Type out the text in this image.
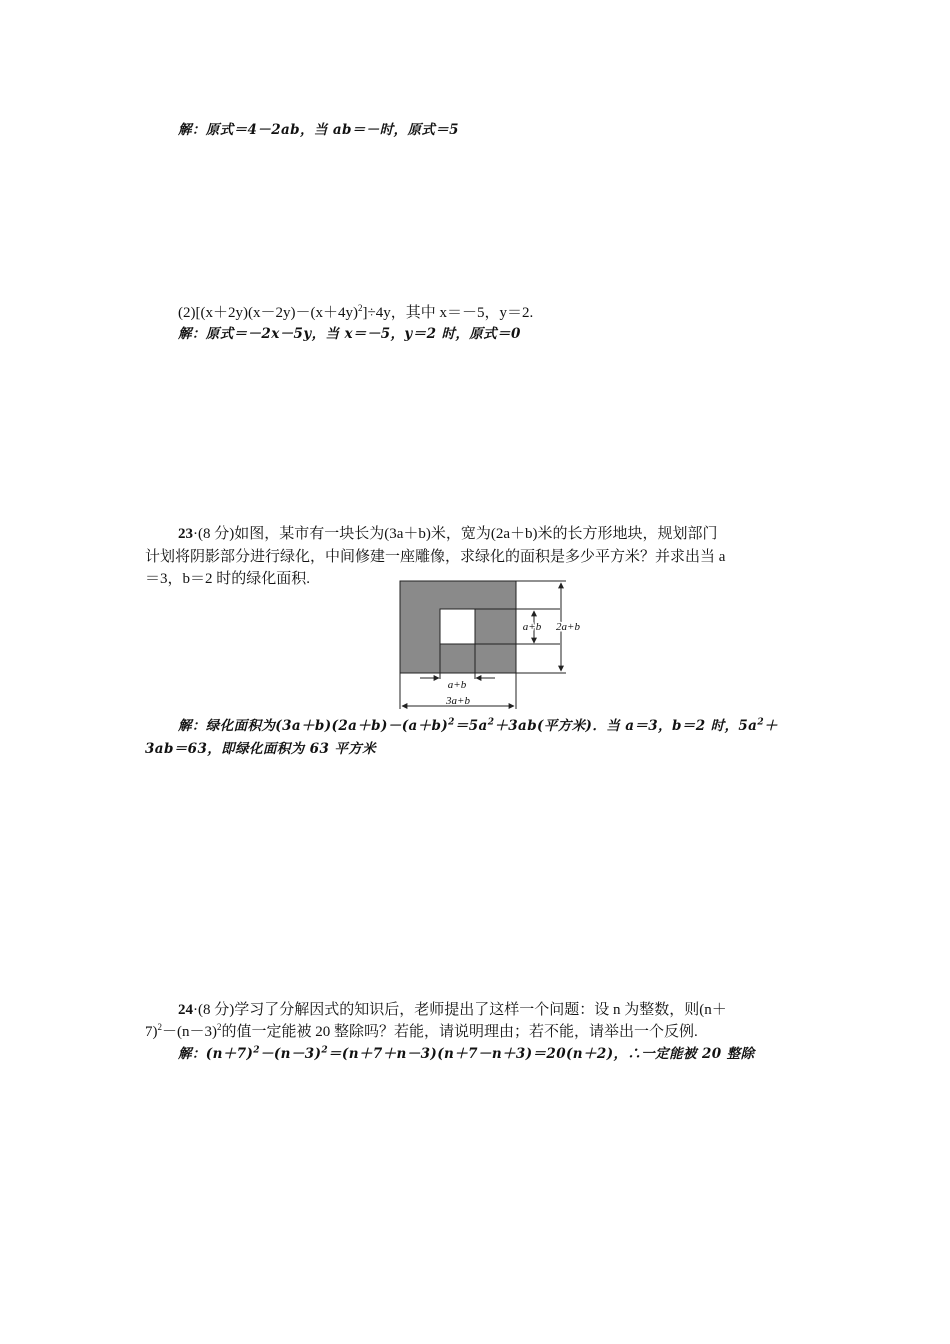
解：原式＝4－2ab，当 ab＝－时，原式＝5
$(2)[(x+2y)(x-2y)-(x+4y)^2]\div 4y$，其中 x＝－5，y＝2.
解：原式＝－2x－5y，当 x＝－5，y＝2 时，原式＝0
23·(8 分)如图，某市有一块长为(3a＋b)米，宽为(2a＋b)米的长方形地块，规划部门
计划将阴影部分进行绿化，中间修建一座雕像，求绿化的面积是多少平方米？并求出当 a
＝3，b＝2 时的绿化面积.
a+b
3a+b
a+b 2a+b
解：绿化面积为$(3a+b)(2a+b)-(a+b)^2=5a^2+3ab$(平方米)．当 a＝3，b＝2 时，$5a^2+$
3ab＝63，即绿化面积为 63 平方米
24·(8 分)学习了分解因式的知识后，老师提出了这样一个问题：设 n 为整数，则(n＋
$7)^2-(n-3)^2$的值一定能被 20 整除吗？若能，请说明理由；若不能，请举出一个反例.
解：$(n+7)^2-(n-3)^2=(n+7+n-3)(n+7-n+3)=20(n+2)$，∴一定能被 20 整除
